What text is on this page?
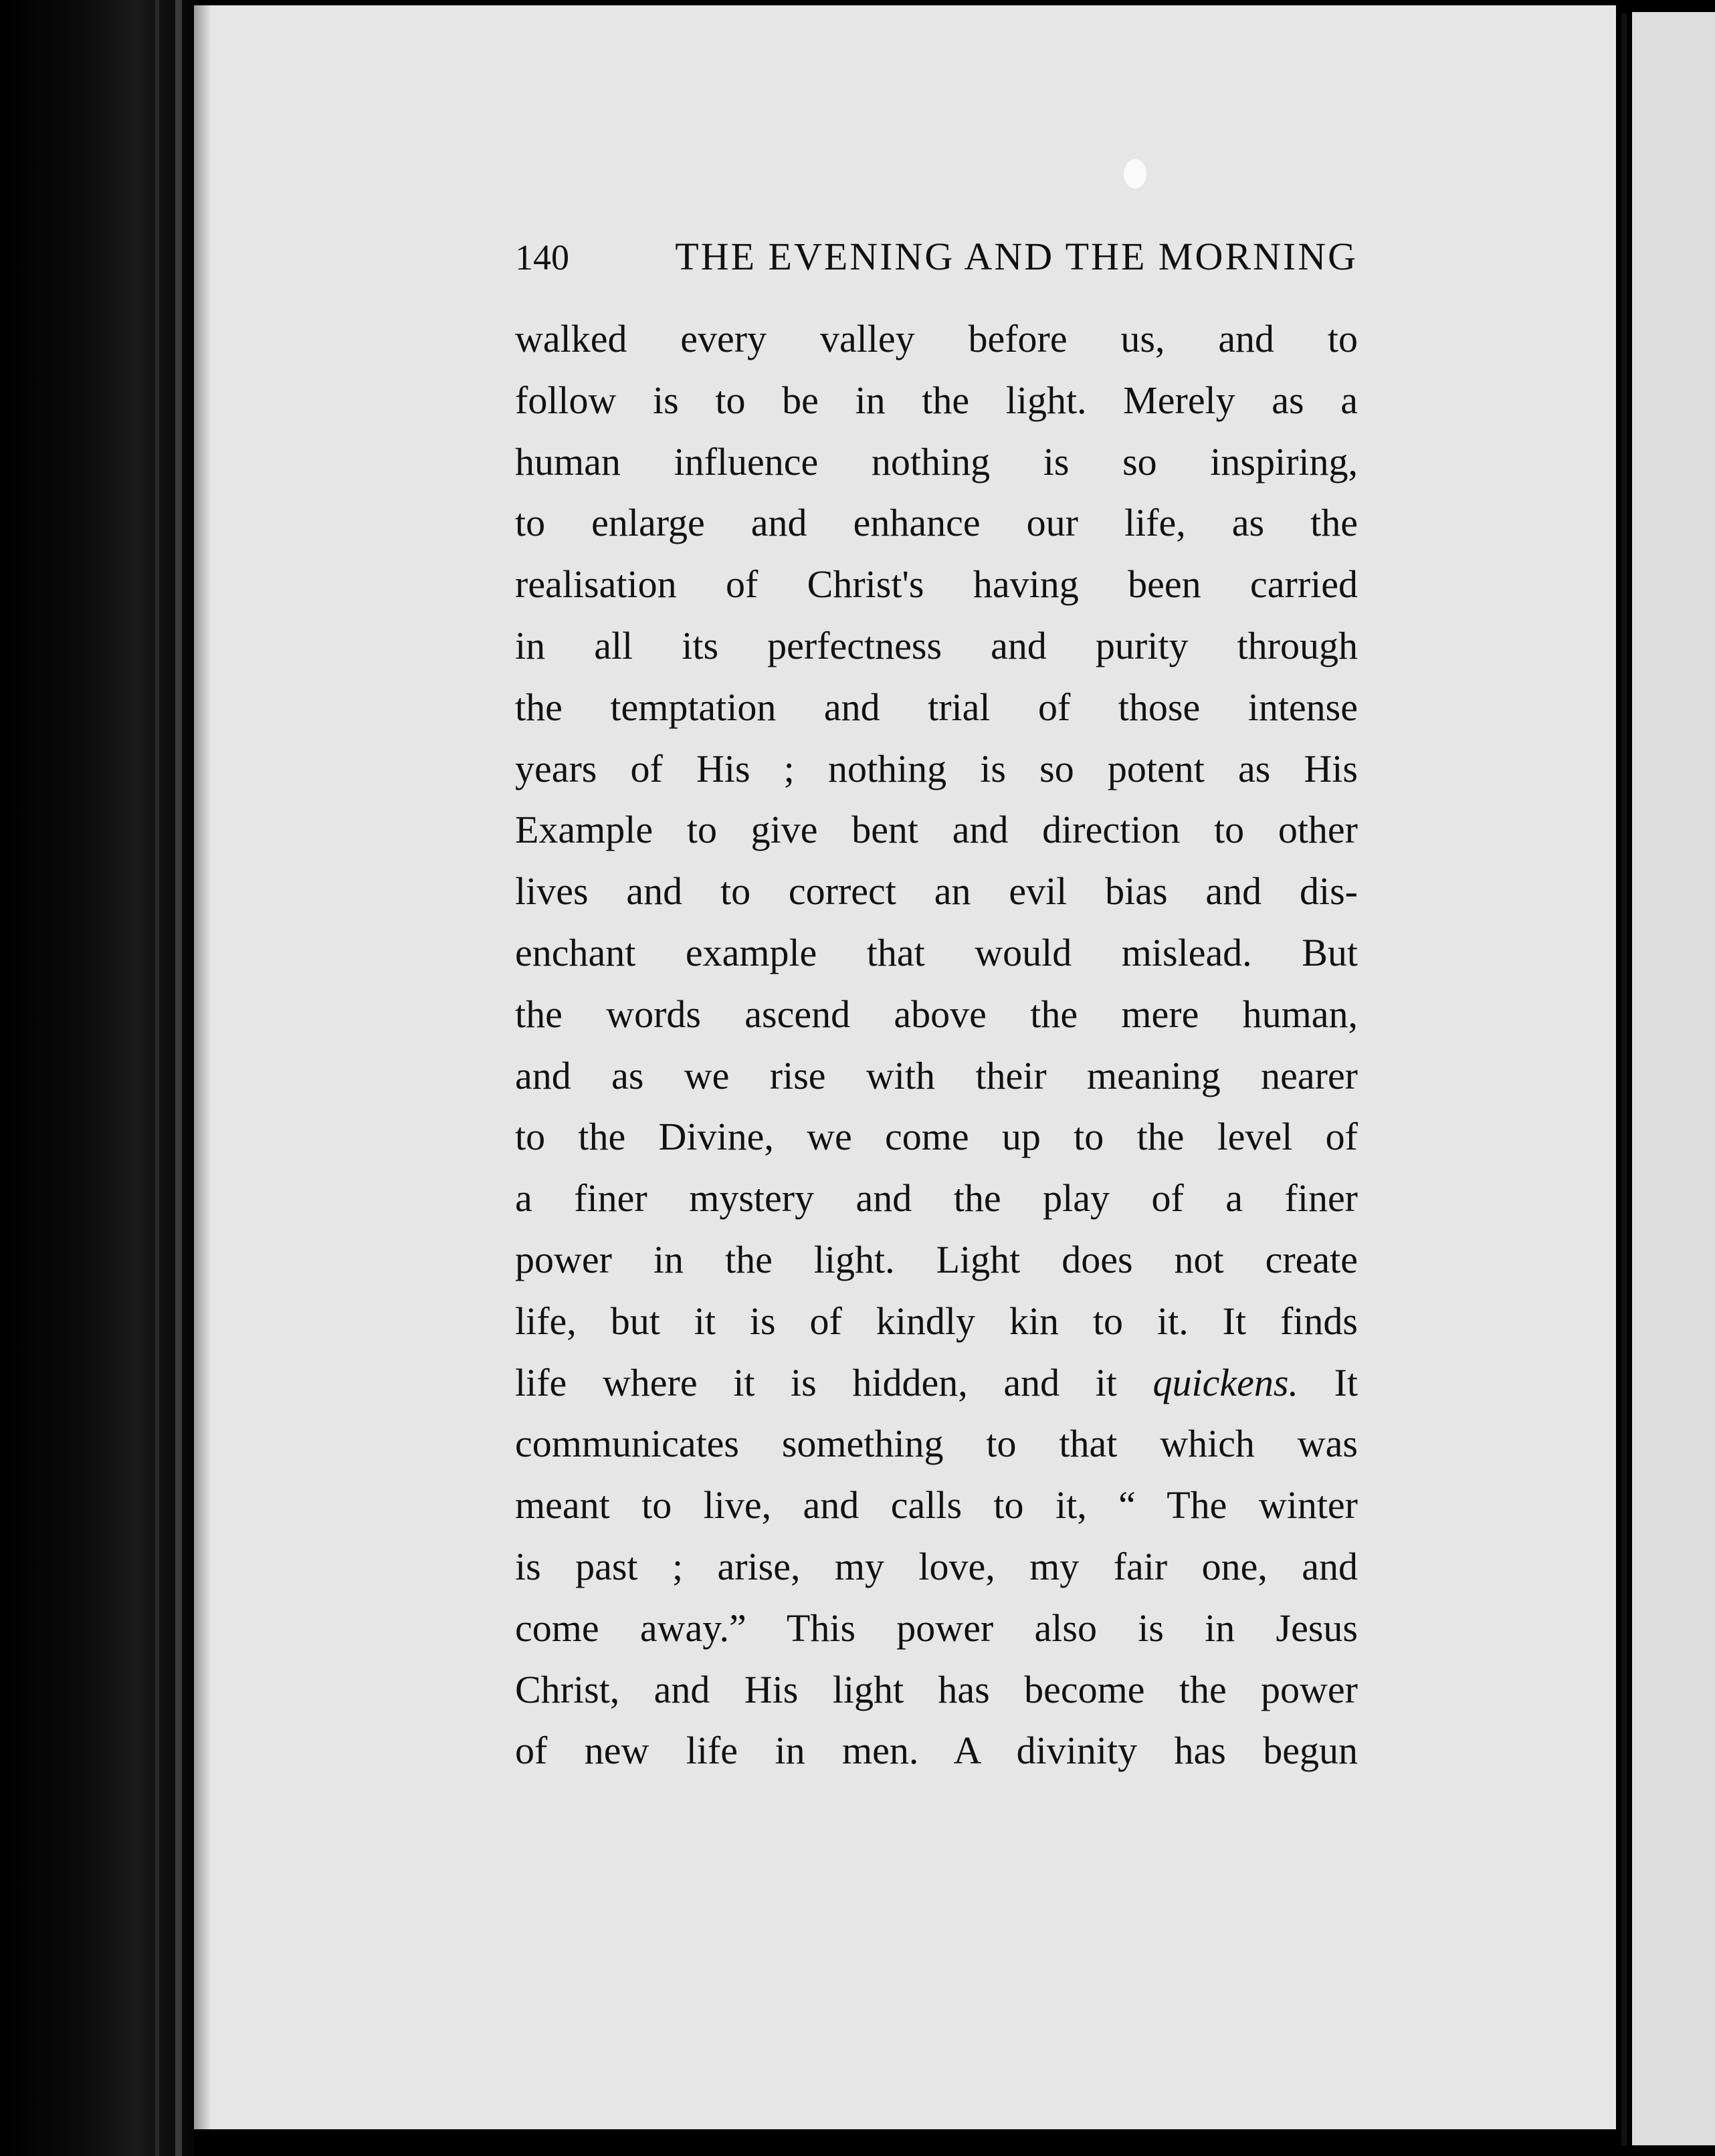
140	THE EVENING AND THE MORNING
walked every valley before us, and to
follow is to be in the light. Merely as a
human influence nothing is so inspiring,
to enlarge and enhance our life, as the
realisation of Christ's having been carried
in all its perfectness and purity through
the temptation and trial of those intense
years of His ; nothing is so potent as His
Example to give bent and direction to other
lives and to correct an evil bias and dis-
enchant example that would mislead. But
the words ascend above the mere human,
and as we rise with their meaning nearer
to the Divine, we come up to the level of
a finer mystery and the play of a finer
power in the light. Light does not create
life, but it is of kindly kin to it. It finds
life where it is hidden, and it quickens. It
communicates something to that which was
meant to live, and calls to it, “ The winter
is past ; arise, my love, my fair one, and
come away.” This power also is in Jesus
Christ, and His light has become the power
of new life in men. A divinity has begun
